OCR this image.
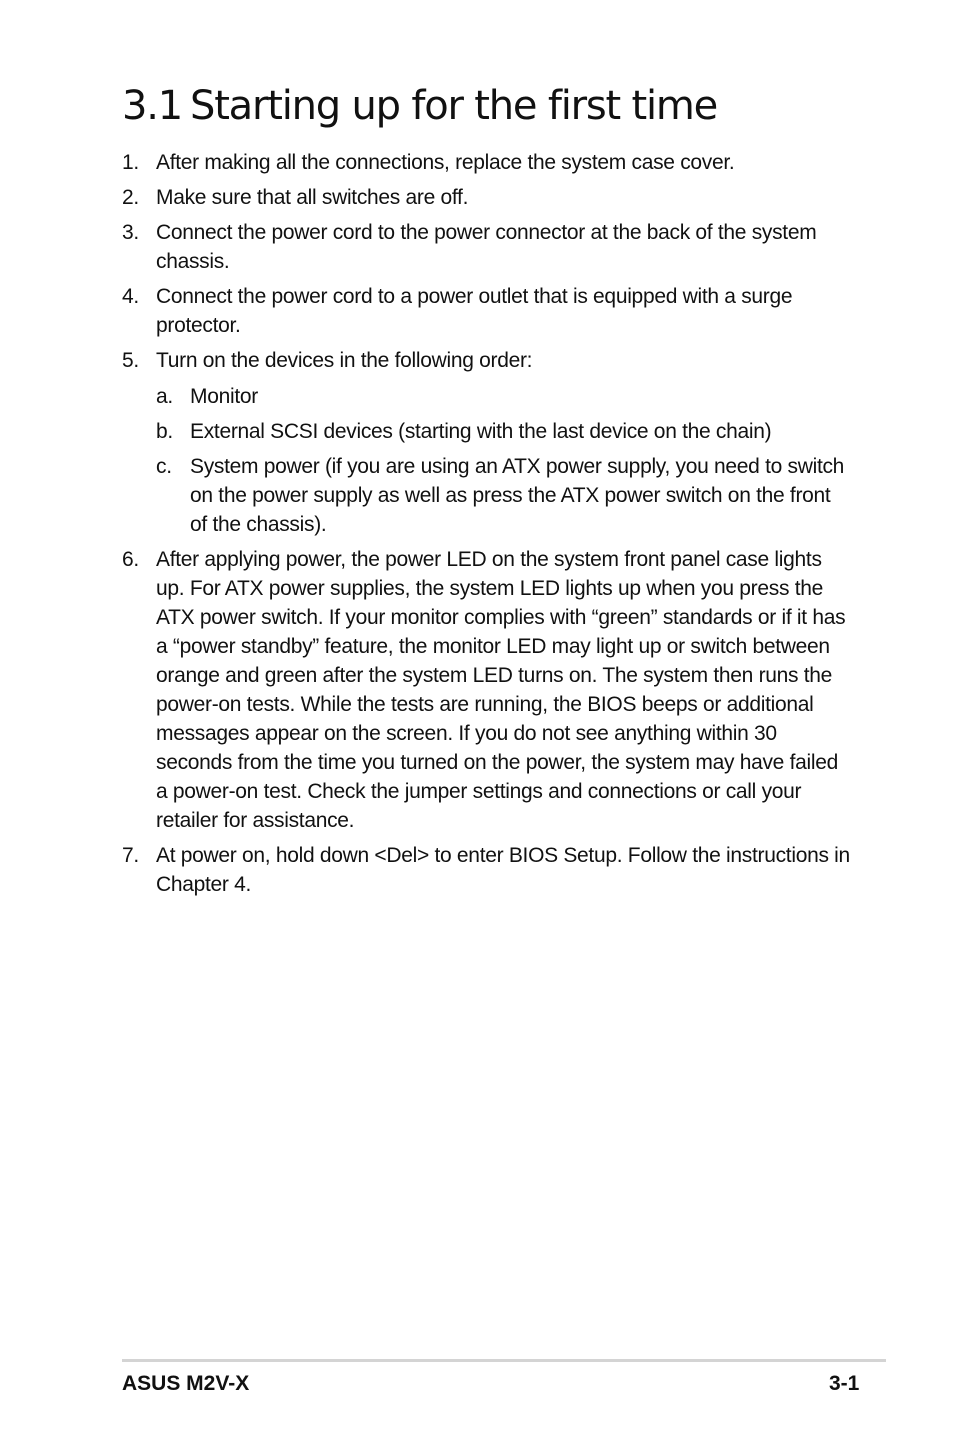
3.1 Starting up for the first time
1. After making all the connections, replace the system case cover.
2. Make sure that all switches are off.
3. Connect the power cord to the power connector at the back of the system chassis.
4. Connect the power cord to a power outlet that is equipped with a surge protector.
5. Turn on the devices in the following order:
a. Monitor
b. External SCSI devices (starting with the last device on the chain)
c. System power (if you are using an ATX power supply, you need to switch on the power supply as well as press the ATX power switch on the front of the chassis).
6. After applying power, the power LED on the system front panel case lights up. For ATX power supplies, the system LED lights up when you press the ATX power switch. If your monitor complies with “green” standards or if it has a “power standby” feature, the monitor LED may light up or switch between orange and green after the system LED turns on. The system then runs the power-on tests. While the tests are running, the BIOS beeps or additional messages appear on the screen. If you do not see anything within 30 seconds from the time you turned on the power, the system may have failed a power-on test. Check the jumper settings and connections or call your retailer for assistance.
7. At power on, hold down <Del> to enter BIOS Setup. Follow the instructions in Chapter 4.
ASUS M2V-X	3-1
